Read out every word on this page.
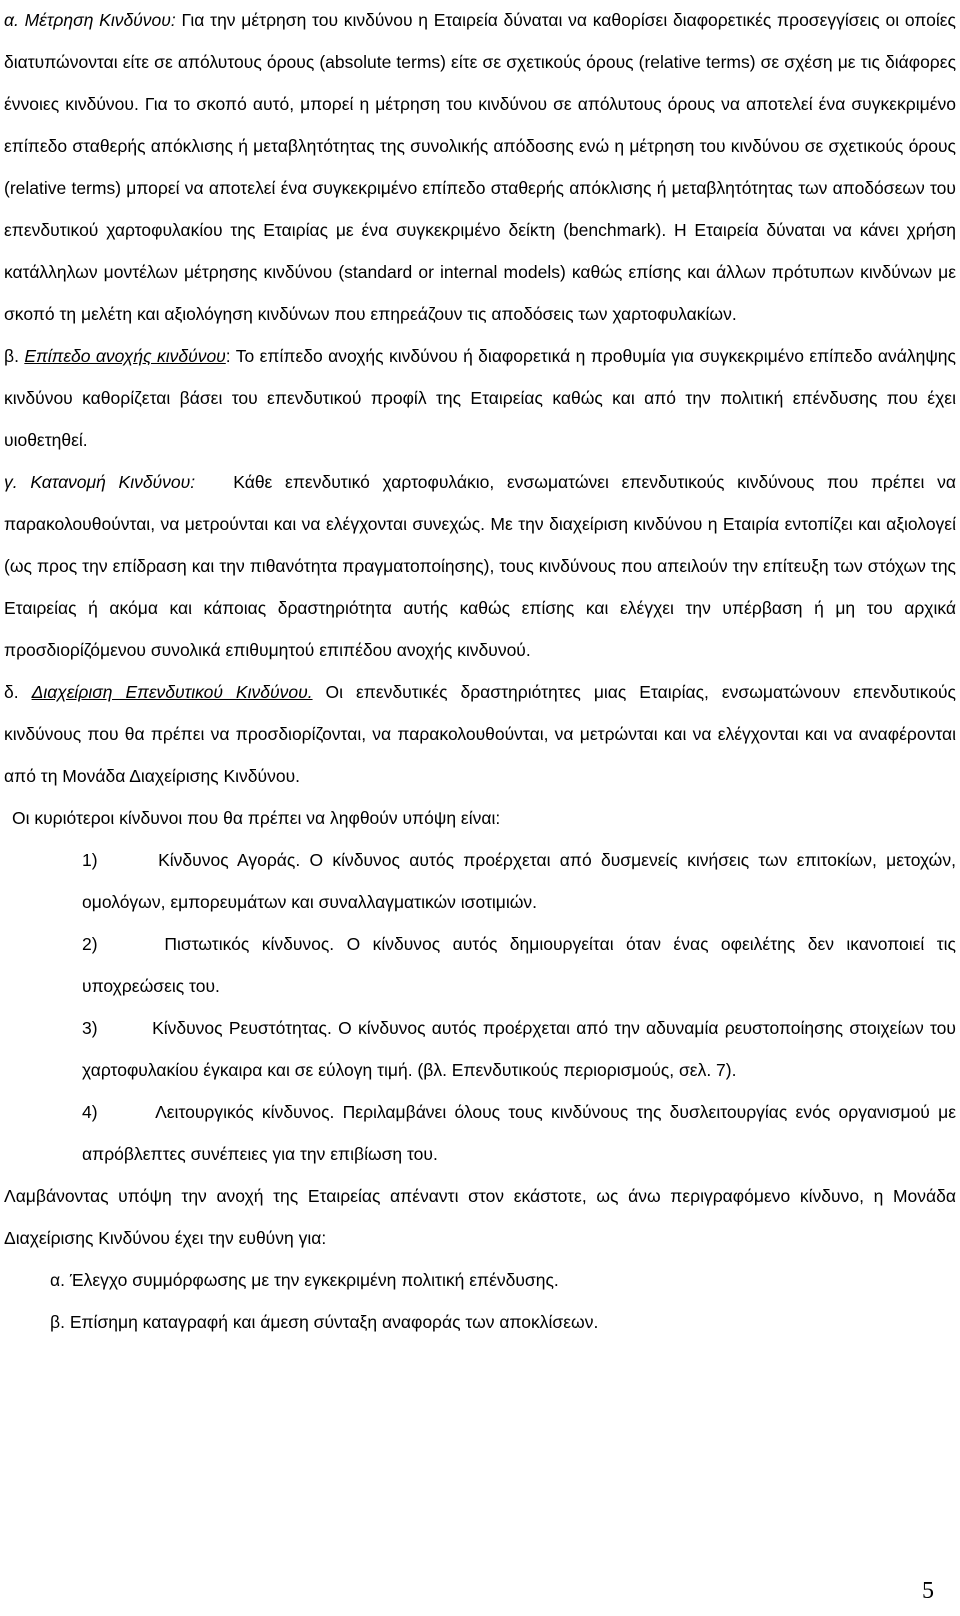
α. Μέτρηση Κινδύνου: Για την μέτρηση του κινδύνου η Εταιρεία δύναται να καθορίσει διαφορετικές προσεγγίσεις οι οποίες διατυπώνονται είτε σε απόλυτους όρους (absolute terms) είτε σε σχετικούς όρους (relative terms) σε σχέση με τις διάφορες έννοιες κινδύνου. Για το σκοπό αυτό, μπορεί η μέτρηση του κινδύνου σε απόλυτους όρους να αποτελεί ένα συγκεκριμένο επίπεδο σταθερής απόκλισης ή μεταβλητότητας της συνολικής απόδοσης ενώ η μέτρηση του κινδύνου σε σχετικούς όρους (relative terms) μπορεί να αποτελεί ένα συγκεκριμένο επίπεδο σταθερής απόκλισης ή μεταβλητότητας των αποδόσεων του επενδυτικού χαρτοφυλακίου της Εταιρίας με ένα συγκεκριμένο δείκτη (benchmark). Η Εταιρεία δύναται να κάνει χρήση κατάλληλων μοντέλων μέτρησης κινδύνου (standard or internal models) καθώς επίσης και άλλων πρότυπων κινδύνων με σκοπό τη μελέτη και αξιολόγηση κινδύνων που επηρεάζουν τις αποδόσεις των χαρτοφυλακίων.

β. Επίπεδο ανοχής κινδύνου: Το επίπεδο ανοχής κινδύνου ή διαφορετικά η προθυμία για συγκεκριμένο επίπεδο ανάληψης κινδύνου καθορίζεται βάσει του επενδυτικού προφίλ της Εταιρείας καθώς και από την πολιτική επένδυσης που έχει υιοθετηθεί.

γ. Κατανομή Κινδύνου: Κάθε επενδυτικό χαρτοφυλάκιο, ενσωματώνει επενδυτικούς κινδύνους που πρέπει να παρακολουθούνται, να μετρούνται και να ελέγχονται συνεχώς. Με την διαχείριση κινδύνου η Εταιρία εντοπίζει και αξιολογεί (ως προς την επίδραση και την πιθανότητα πραγματοποίησης), τους κινδύνους που απειλούν την επίτευξη των στόχων της Εταιρείας ή ακόμα και κάποιας δραστηριότητα αυτής καθώς επίσης και ελέγχει την υπέρβαση ή μη του αρχικά προσδιορίζόμενου συνολικά επιθυμητού επιπέδου ανοχής κινδυνού.

δ. Διαχείριση Επενδυτικού Κινδύνου. Οι επενδυτικές δραστηριότητες μιας Εταιρίας, ενσωματώνουν επενδυτικούς κινδύνους που θα πρέπει να προσδιορίζονται, να παρακολουθούνται, να μετρώνται και να ελέγχονται και να αναφέρονται από τη Μονάδα Διαχείρισης Κινδύνου.

Οι κυριότεροι κίνδυνοι που θα πρέπει να ληφθούν υπόψη είναι:

1)	Κίνδυνος Αγοράς. Ο κίνδυνος αυτός προέρχεται από δυσμενείς κινήσεις των επιτοκίων, μετοχών, ομολόγων, εμπορευμάτων και συναλλαγματικών ισοτιμιών.
2)	Πιστωτικός κίνδυνος. Ο κίνδυνος αυτός δημιουργείται όταν ένας οφειλέτης δεν ικανοποιεί τις υποχρεώσεις του.
3)	Κίνδυνος Ρευστότητας. Ο κίνδυνος αυτός προέρχεται από την αδυναμία ρευστοποίησης στοιχείων του χαρτοφυλακίου έγκαιρα και σε εύλογη τιμή. (βλ. Επενδυτικούς περιορισμούς, σελ. 7).
4)	Λειτουργικός κίνδυνος. Περιλαμβάνει όλους τους κινδύνους της δυσλειτουργίας ενός οργανισμού με απρόβλεπτες συνέπειες για την επιβίωση του.

Λαμβάνοντας υπόψη την ανοχή της Εταιρείας απέναντι στον εκάστοτε, ως άνω περιγραφόμενο κίνδυνο, η Μονάδα Διαχείρισης Κινδύνου έχει την ευθύνη για:

α. Έλεγχο συμμόρφωσης με την εγκεκριμένη πολιτική επένδυσης.
β. Επίσημη καταγραφή και άμεση σύνταξη αναφοράς των αποκλίσεων.
5
